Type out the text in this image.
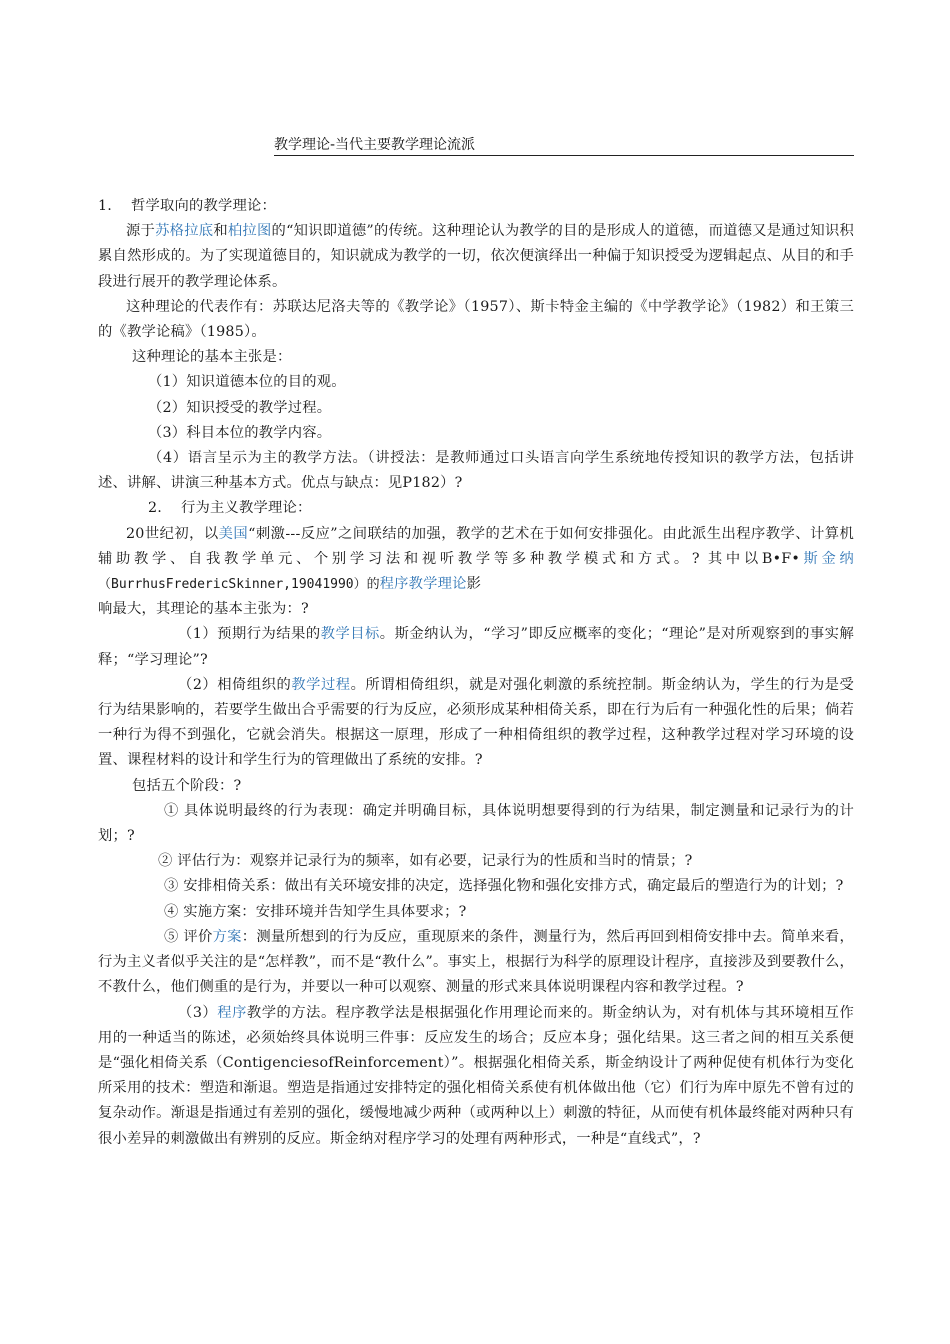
教学理论-当代主要教学理论流派

1.    哲学取向的教学理论：

源于苏格拉底和柏拉图的“知识即道德”的传统。这种理论认为教学的目的是形成人的道德，而道德又是通过知识积累自然形成的。为了实现道德目的，知识就成为教学的一切，依次便演绎出一种偏于知识授受为逻辑起点、从目的和手段进行展开的教学理论体系。

这种理论的代表作有：苏联达尼洛夫等的《教学论》（1957）、斯卡特金主编的《中学教学论》（1982）和王策三的《教学论稿》（1985）。

这种理论的基本主张是：

（1）知识道德本位的目的观。

（2）知识授受的教学过程。

（3）科目本位的教学内容。

（4）语言呈示为主的教学方法。（讲授法：是教师通过口头语言向学生系统地传授知识的教学方法，包括讲述、讲解、讲演三种基本方式。优点与缺点：见P182）?

2.    行为主义教学理论：

20世纪初，以美国“刺激---反应”之间联结的加强，教学的艺术在于如何安排强化。由此派生出程序教学、计算机辅助教学、自我教学单元、个别学习法和视听教学等多种教学模式和方式。? 其中以B•F•斯金纳（BurrhusFredericSkinner,19041990）的程序教学理论影

响最大，其理论的基本主张为：?

（1）预期行为结果的教学目标。斯金纳认为，“学习”即反应概率的变化；“理论”是对所观察到的事实解释；“学习理论”?

（2）相倚组织的教学过程。所谓相倚组织，就是对强化刺激的系统控制。斯金纳认为，学生的行为是受行为结果影响的，若要学生做出合乎需要的行为反应，必须形成某种相倚关系，即在行为后有一种强化性的后果；倘若一种行为得不到强化，它就会消失。根据这一原理，形成了一种相倚组织的教学过程，这种教学过程对学习环境的设置、课程材料的设计和学生行为的管理做出了系统的安排。?

包括五个阶段：?

① 具体说明最终的行为表现：确定并明确目标，具体说明想要得到的行为结果，制定测量和记录行为的计划；?

② 评估行为：观察并记录行为的频率，如有必要，记录行为的性质和当时的情景；?

③ 安排相倚关系：做出有关环境安排的决定，选择强化物和强化安排方式，确定最后的塑造行为的计划；?

④ 实施方案：安排环境并告知学生具体要求；?

⑤ 评价方案：测量所想到的行为反应，重现原来的条件，测量行为，然后再回到相倚安排中去。简单来看，行为主义者似乎关注的是“怎样教”，而不是“教什么”。事实上，根据行为科学的原理设计程序，直接涉及到要教什么，不教什么，他们侧重的是行为，并要以一种可以观察、测量的形式来具体说明课程内容和教学过程。?

（3）程序教学的方法。程序教学法是根据强化作用理论而来的。斯金纳认为，对有机体与其环境相互作用的一种适当的陈述，必须始终具体说明三件事：反应发生的场合；反应本身；强化结果。这三者之间的相互关系便是“强化相倚关系（ContigenciesofReinforcement）”。根据强化相倚关系，斯金纳设计了两种促使有机体行为变化所采用的技术：塑造和渐退。塑造是指通过安排特定的强化相倚关系使有机体做出他（它）们行为库中原先不曾有过的复杂动作。渐退是指通过有差别的强化，缓慢地减少两种（或两种以上）刺激的特征，从而使有机体最终能对两种只有很小差异的刺激做出有辨别的反应。斯金纳对程序学习的处理有两种形式，一种是“直线式”，?
